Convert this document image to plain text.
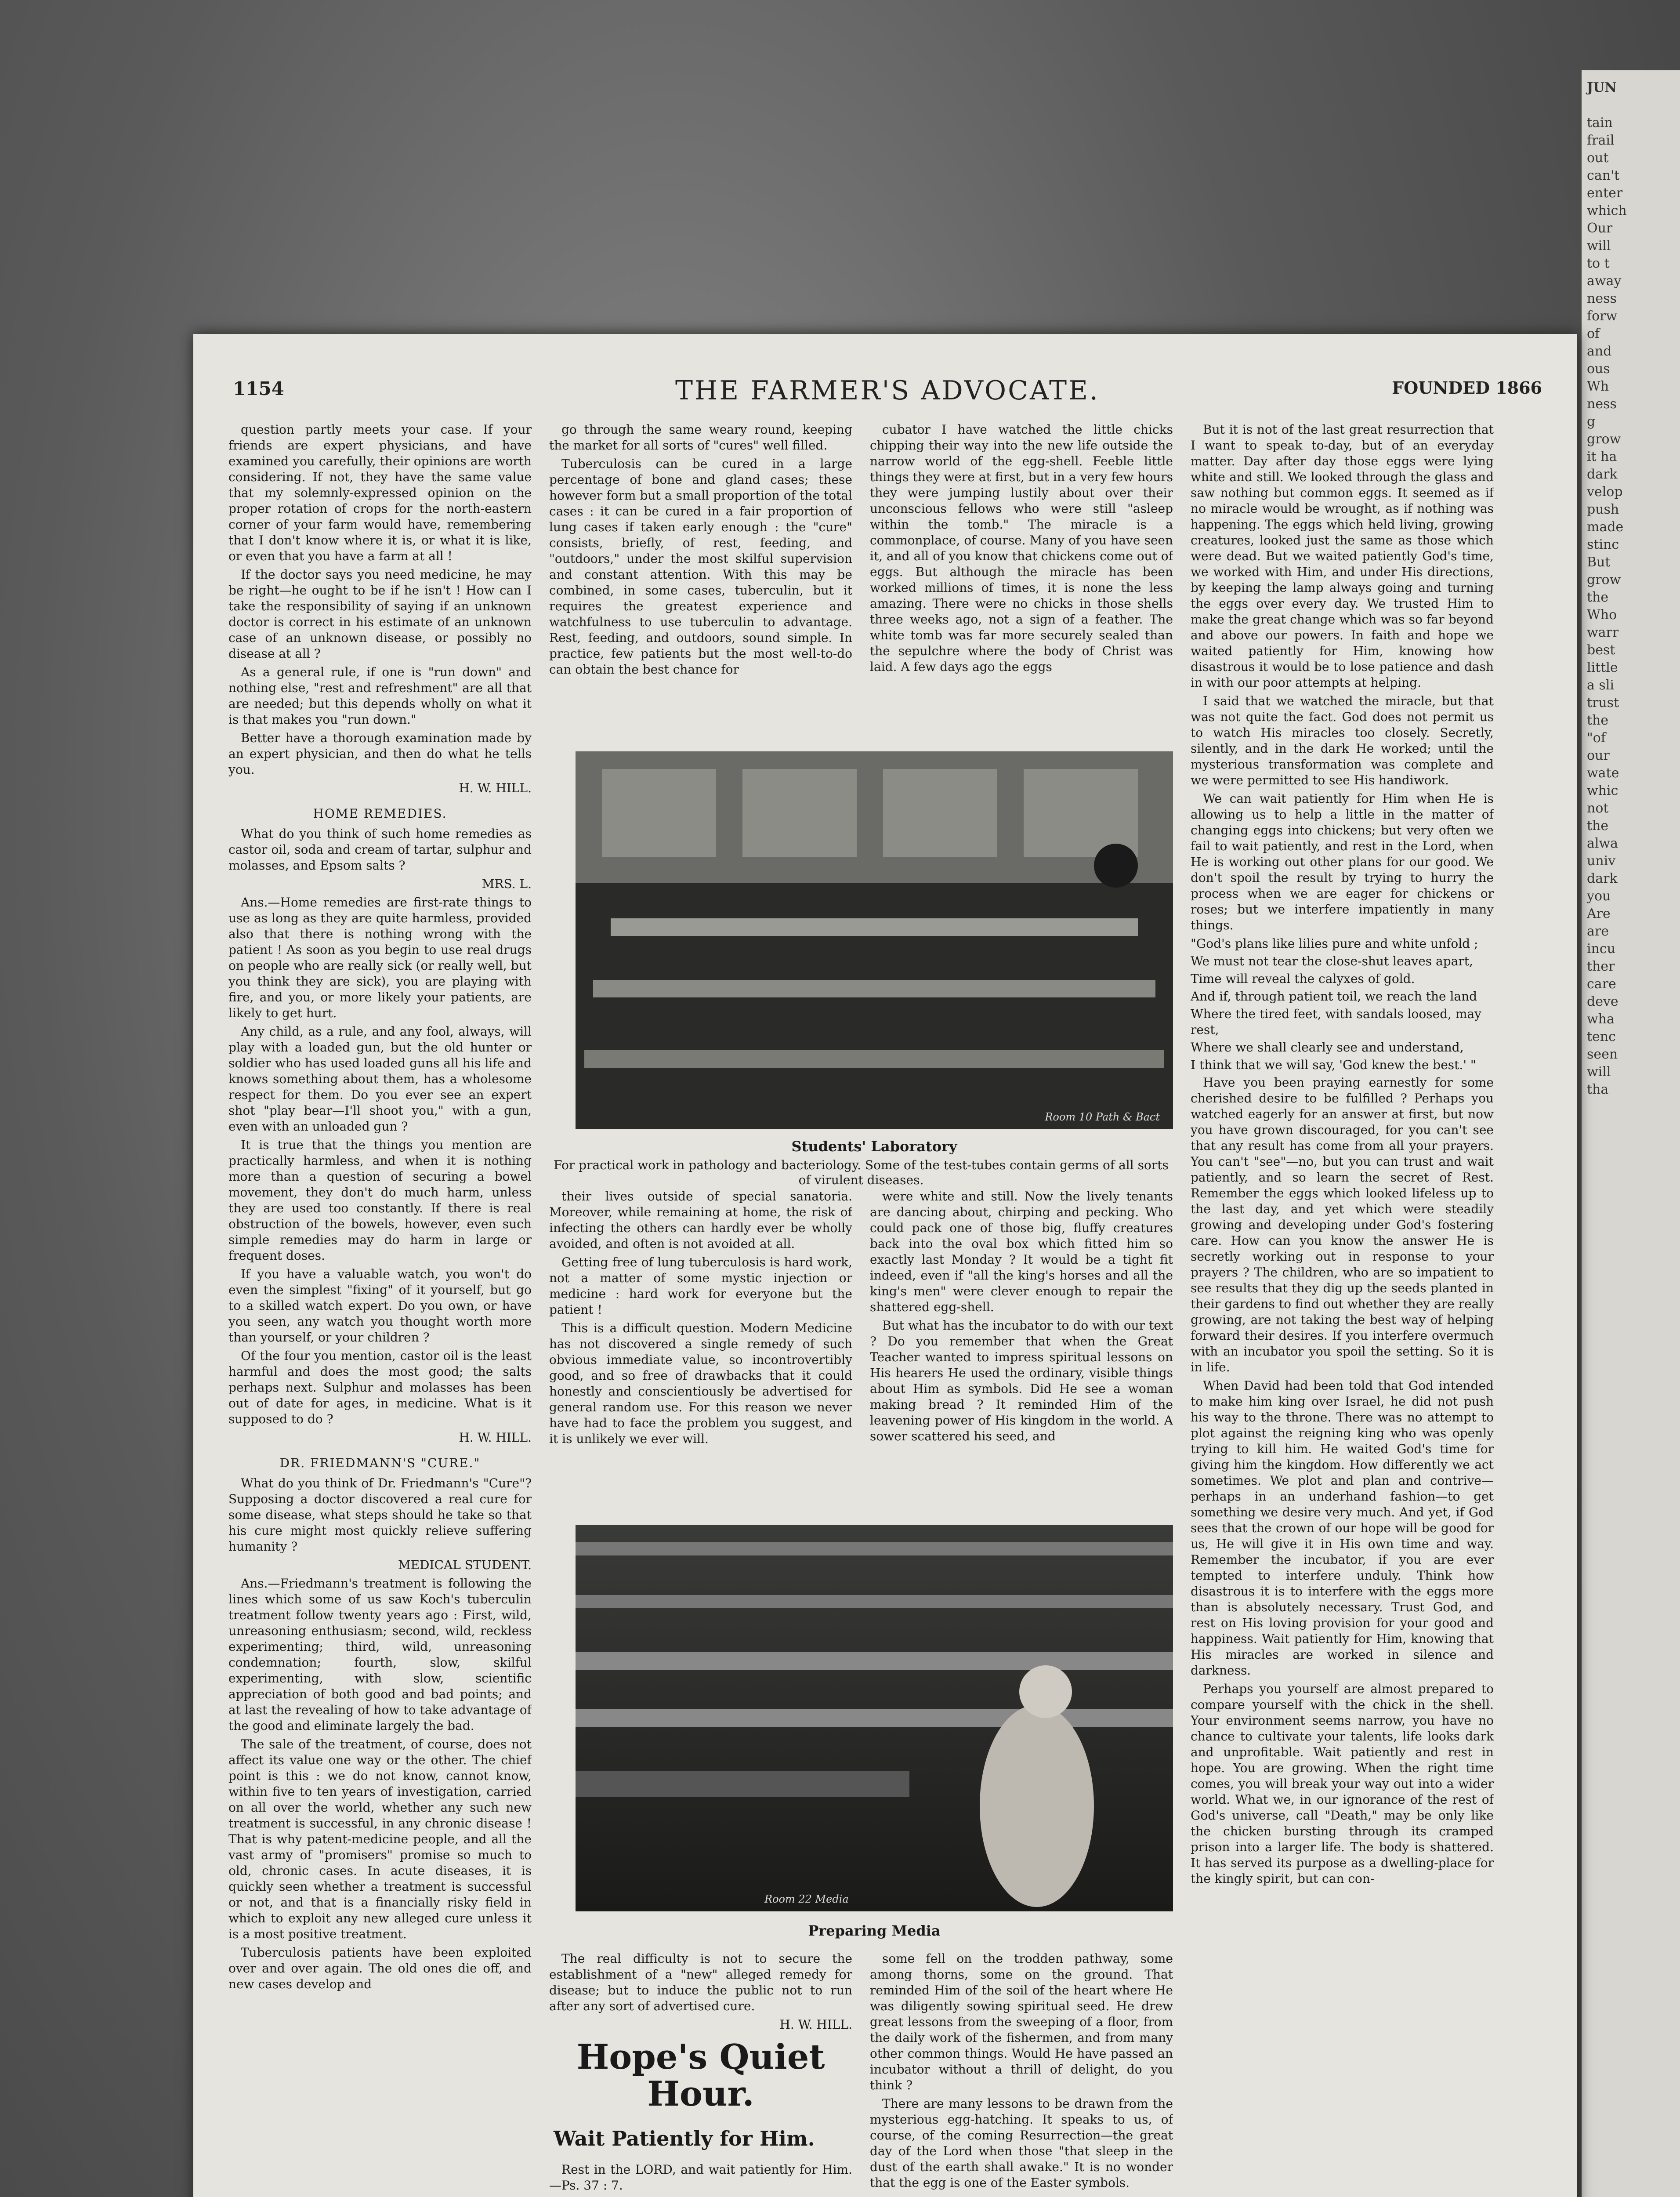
JUN
tain
frail
out
can't
enter
which
Our
will
to t
away
ness
forw
of
and
ous
Wh
ness
g
grow
it ha
dark
velop
push
made
stinc
But
grow
the
Who
warr
best
little
a sli
trust
the
"of
our
wate
whic
not
the
alwa
univ
dark
you
Are
are
incu
ther
care
deve
wha
tenc
seen
will
tha
1154	THE FARMER'S ADVOCATE.	FOUNDED 1866

question partly meets your case. If your friends are expert physicians, and have examined you carefully, their opinions are worth considering. If not, they have the same value that my solemnly-expressed opinion on the proper rotation of crops for the north-eastern corner of your farm would have, remembering that I don't know where it is, or what it is like, or even that you have a farm at all !

If the doctor says you need medicine, he may be right—he ought to be if he isn't ! How can I take the responsibility of saying if an unknown doctor is correct in his estimate of an unknown case of an unknown disease, or possibly no disease at all ?

As a general rule, if one is "run down" and nothing else, "rest and refreshment" are all that are needed; but this depends wholly on what it is that makes you "run down."

Better have a thorough examination made by an expert physician, and then do what he tells you.

H. W. HILL.

HOME REMEDIES.

What do you think of such home remedies as castor oil, soda and cream of tartar, sulphur and molasses, and Epsom salts ?

MRS. L.

Ans.—Home remedies are first-rate things to use as long as they are quite harmless, provided also that there is nothing wrong with the patient ! As soon as you begin to use real drugs on people who are really sick (or really well, but you think they are sick), you are playing with fire, and you, or more likely your patients, are likely to get hurt.

Any child, as a rule, and any fool, always, will play with a loaded gun, but the old hunter or soldier who has used loaded guns all his life and knows something about them, has a wholesome respect for them. Do you ever see an expert shot "play bear—I'll shoot you," with a gun, even with an unloaded gun ?

It is true that the things you mention are practically harmless, and when it is nothing more than a question of securing a bowel movement, they don't do much harm, unless they are used too constantly. If there is real obstruction of the bowels, however, even such simple remedies may do harm in large or frequent doses.

If you have a valuable watch, you won't do even the simplest "fixing" of it yourself, but go to a skilled watch expert. Do you own, or have you seen, any watch you thought worth more than yourself, or your children ?

Of the four you mention, castor oil is the least harmful and does the most good; the salts perhaps next. Sulphur and molasses has been out of date for ages, in medicine. What is it supposed to do ?

H. W. HILL.

DR. FRIEDMANN'S "CURE."

What do you think of Dr. Friedmann's "Cure"? Supposing a doctor discovered a real cure for some disease, what steps should he take so that his cure might most quickly relieve suffering humanity ?

MEDICAL STUDENT.

Ans.—Friedmann's treatment is following the lines which some of us saw Koch's tuberculin treatment follow twenty years ago : First, wild, unreasoning enthusiasm; second, wild, reckless experimenting; third, wild, unreasoning condemnation; fourth, slow, skilful experimenting, with slow, scientific appreciation of both good and bad points; and at last the revealing of how to take advantage of the good and eliminate largely the bad.

The sale of the treatment, of course, does not affect its value one way or the other. The chief point is this : we do not know, cannot know, within five to ten years of investigation, carried on all over the world, whether any such new treatment is successful, in any chronic disease ! That is why patent-medicine people, and all the vast army of "promisers" promise so much to old, chronic cases. In acute diseases, it is quickly seen whether a treatment is successful or not, and that is a financially risky field in which to exploit any new alleged cure unless it is a most positive treatment.

Tuberculosis patients have been exploited over and over again. The old ones die off, and new cases develop and

go through the same weary round, keeping the market for all sorts of "cures" well filled.

Tuberculosis can be cured in a large percentage of bone and gland cases; these however form but a small proportion of the total cases : it can be cured in a fair proportion of lung cases if taken early enough : the "cure" consists, briefly, of rest, feeding, and "outdoors," under the most skilful supervision and constant attention. With this may be combined, in some cases, tuberculin, but it requires the greatest experience and watchfulness to use tuberculin to advantage. Rest, feeding, and outdoors, sound simple. In practice, few patients but the most well-to-do can obtain the best chance for

cubator I have watched the little chicks chipping their way into the new life outside the narrow world of the egg-shell. Feeble little things they were at first, but in a very few hours they were jumping lustily about over their unconscious fellows who were still "asleep within the tomb." The miracle is a commonplace, of course. Many of you have seen it, and all of you know that chickens come out of eggs. But although the miracle has been worked millions of times, it is none the less amazing. There were no chicks in those shells three weeks ago, not a sign of a feather. The white tomb was far more securely sealed than the sepulchre where the body of Christ was laid. A few days ago the eggs

Room 10 Path & Bact
Students' Laboratory
For practical work in pathology and bacteriology. Some of the test-tubes contain germs of all sorts of virulent diseases.

their lives outside of special sanatoria. Moreover, while remaining at home, the risk of infecting the others can hardly ever be wholly avoided, and often is not avoided at all.

Getting free of lung tuberculosis is hard work, not a matter of some mystic injection or medicine : hard work for everyone but the patient !

This is a difficult question. Modern Medicine has not discovered a single remedy of such obvious immediate value, so incontrovertibly good, and so free of drawbacks that it could honestly and conscientiously be advertised for general random use. For this reason we never have had to face the problem you suggest, and it is unlikely we ever will.

were white and still. Now the lively tenants are dancing about, chirping and pecking. Who could pack one of those big, fluffy creatures back into the oval box which fitted him so exactly last Monday ? It would be a tight fit indeed, even if "all the king's horses and all the king's men" were clever enough to repair the shattered egg-shell.

But what has the incubator to do with our text ? Do you remember that when the Great Teacher wanted to impress spiritual lessons on His hearers He used the ordinary, visible things about Him as symbols. Did He see a woman making bread ? It reminded Him of the leavening power of His kingdom in the world. A sower scattered his seed, and

Room 22 Media
Preparing Media

The real difficulty is not to secure the establishment of a "new" alleged remedy for disease; but to induce the public not to run after any sort of advertised cure.

H. W. HILL.

Hope's Quiet Hour.
Wait Patiently for Him.

Rest in the LORD, and wait patiently for Him.—Ps. 37 : 7.

some fell on the trodden pathway, some among thorns, some on the ground. That reminded Him of the soil of the heart where He was diligently sowing spiritual seed. He drew great lessons from the sweeping of a floor, from the daily work of the fishermen, and from many other common things. Would He have passed an incubator without a thrill of delight, do you think ?

There are many lessons to be drawn from the mysterious egg-hatching. It speaks to us, of course, of the coming Resurrection—the great day of the Lord when those "that sleep in the dust of the earth shall awake." It is no wonder that the egg is one of the Easter symbols.

But it is not of the last great resurrection that I want to speak to-day, but of an everyday matter. Day after day those eggs were lying white and still. We looked through the glass and saw nothing but common eggs. It seemed as if no miracle would be wrought, as if nothing was happening. The eggs which held living, growing creatures, looked just the same as those which were dead. But we waited patiently God's time, we worked with Him, and under His directions, by keeping the lamp always going and turning the eggs over every day. We trusted Him to make the great change which was so far beyond and above our powers. In faith and hope we waited patiently for Him, knowing how disastrous it would be to lose patience and dash in with our poor attempts at helping.

I said that we watched the miracle, but that was not quite the fact. God does not permit us to watch His miracles too closely. Secretly, silently, and in the dark He worked; until the mysterious transformation was complete and we were permitted to see His handiwork.

We can wait patiently for Him when He is allowing us to help a little in the matter of changing eggs into chickens; but very often we fail to wait patiently, and rest in the Lord, when He is working out other plans for our good. We don't spoil the result by trying to hurry the process when we are eager for chickens or roses; but we interfere impatiently in many things.

"God's plans like lilies pure and white unfold ;

We must not tear the close-shut leaves apart,

Time will reveal the calyxes of gold.

And if, through patient toil, we reach the land

Where the tired feet, with sandals loosed, may rest,

Where we shall clearly see and understand,

I think that we will say, 'God knew the best.' "

Have you been praying earnestly for some cherished desire to be fulfilled ? Perhaps you watched eagerly for an answer at first, but now you have grown discouraged, for you can't see that any result has come from all your prayers. You can't "see"—no, but you can trust and wait patiently, and so learn the secret of Rest. Remember the eggs which looked lifeless up to the last day, and yet which were steadily growing and developing under God's fostering care. How can you know the answer He is secretly working out in response to your prayers ? The children, who are so impatient to see results that they dig up the seeds planted in their gardens to find out whether they are really growing, are not taking the best way of helping forward their desires. If you interfere overmuch with an incubator you spoil the setting. So it is in life.

When David had been told that God intended to make him king over Israel, he did not push his way to the throne. There was no attempt to plot against the reigning king who was openly trying to kill him. He waited God's time for giving him the kingdom. How differently we act sometimes. We plot and plan and contrive—perhaps in an underhand fashion—to get something we desire very much. And yet, if God sees that the crown of our hope will be good for us, He will give it in His own time and way. Remember the incubator, if you are ever tempted to interfere unduly. Think how disastrous it is to interfere with the eggs more than is absolutely necessary. Trust God, and rest on His loving provision for your good and happiness. Wait patiently for Him, knowing that His miracles are worked in silence and darkness.

Perhaps you yourself are almost prepared to compare yourself with the chick in the shell. Your environment seems narrow, you have no chance to cultivate your talents, life looks dark and unprofitable. Wait patiently and rest in hope. You are growing. When the right time comes, you will break your way out into a wider world. What we, in our ignorance of the rest of God's universe, call "Death," may be only like the chicken bursting through its cramped prison into a larger life. The body is shattered. It has served its purpose as a dwelling-place for the kingly spirit, but can con-
